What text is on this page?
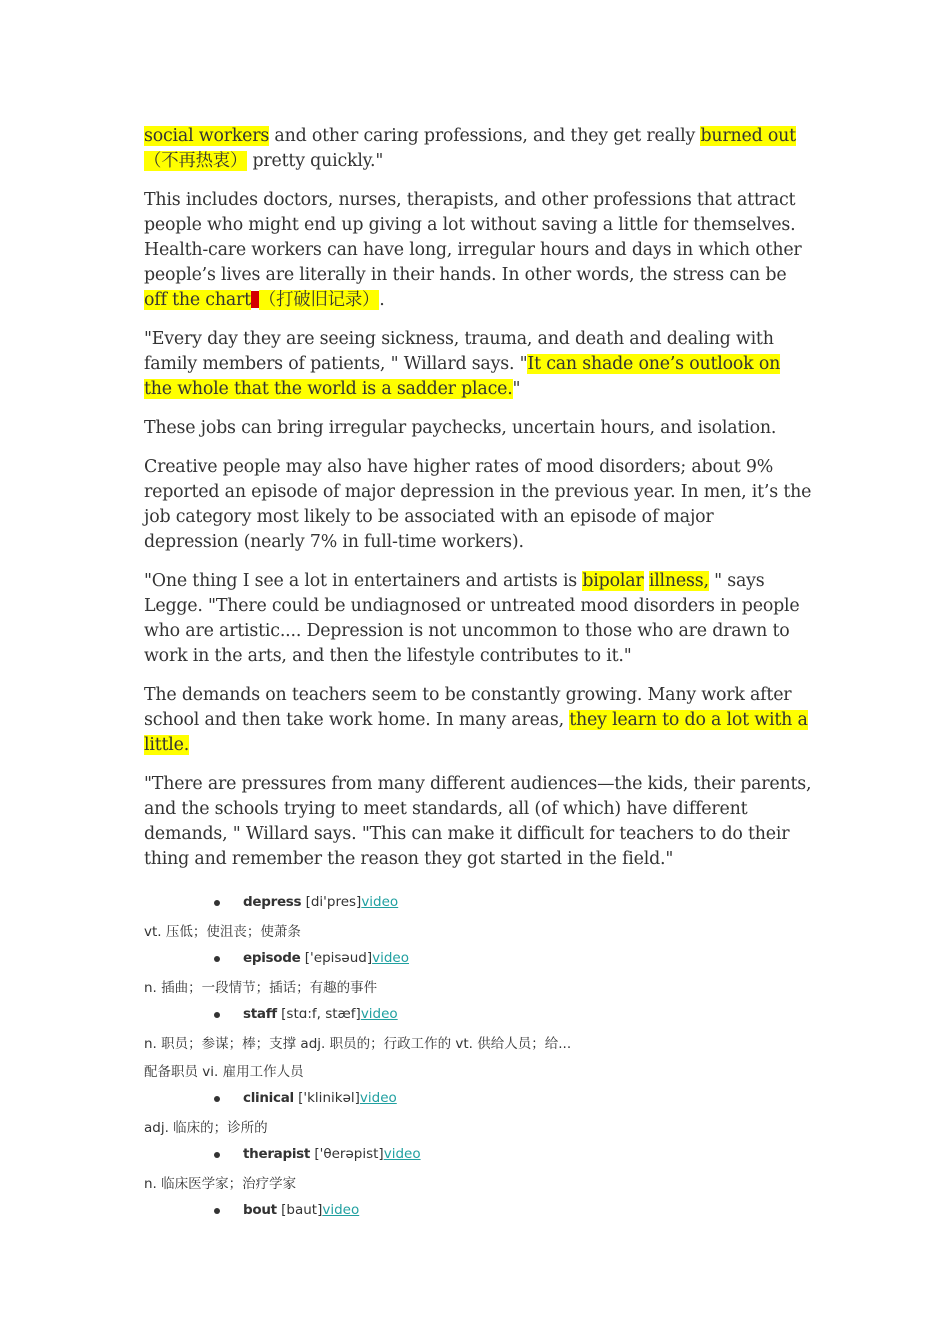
social workers and other caring professions, and they get really burned out（不再热衷） pretty quickly."

This includes doctors, nurses, therapists, and other professions that attract people who might end up giving a lot without saving a little for themselves. Health-care workers can have long, irregular hours and days in which other people’s lives are literally in their hands. In other words, the stress can be off the chart （打破旧记录）.

"Every day they are seeing sickness, trauma, and death and dealing with family members of patients, " Willard says. "It can shade one’s outlook on the whole that the world is a sadder place."

These jobs can bring irregular paychecks, uncertain hours, and isolation.

Creative people may also have higher rates of mood disorders; about 9% reported an episode of major depression in the previous year. In men, it’s the job category most likely to be associated with an episode of major depression (nearly 7% in full-time workers).

"One thing I see a lot in entertainers and artists is bipolar illness, " says Legge. "There could be undiagnosed or untreated mood disorders in people who are artistic.... Depression is not uncommon to those who are drawn to work in the arts, and then the lifestyle contributes to it."

The demands on teachers seem to be constantly growing. Many work after school and then take work home. In many areas, they learn to do a lot with a little.

"There are pressures from many different audiences—the kids, their parents, and the schools trying to meet standards, all (of which) have different demands, " Willard says. "This can make it difficult for teachers to do their thing and remember the reason they got started in the field."

depress [di'pres]video
vt. 压低；使沮丧；使萧条
episode ['episəud]video
n. 插曲；一段情节；插话；有趣的事件
staff [stɑ:f, stæf]video
n. 职员；参谋；棒；支撑 adj. 职员的；行政工作的 vt. 供给人员；给...
配备职员 vi. 雇用工作人员
clinical ['klinikəl]video
adj. 临床的；诊所的
therapist ['θerəpist]video
n. 临床医学家；治疗学家
bout [baut]video
